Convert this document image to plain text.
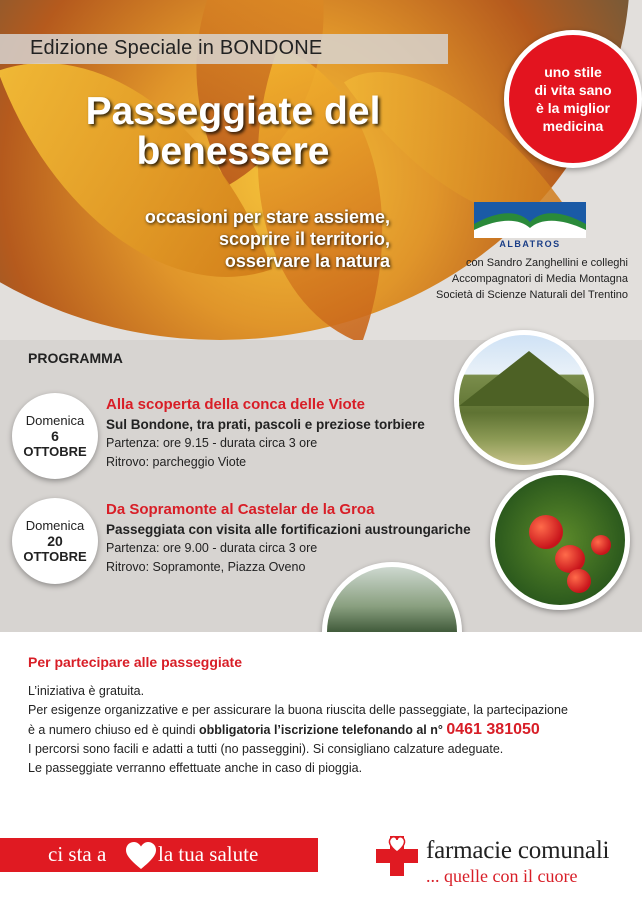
Edizione Speciale in BONDONE
Passeggiate del
benessere
occasioni per stare assieme,
scoprire il territorio,
osservare la natura
ALBATROS
con Sandro Zanghellini e colleghi
Accompagnatori di Media Montagna
Società di Scienze Naturali del Trentino
uno stile
di vita sano
è la miglior
medicina
PROGRAMMA
Domenica
6
OTTOBRE
Alla scoperta della conca delle Viote
Sul Bondone, tra prati, pascoli e preziose torbiere
Partenza: ore 9.15 - durata circa 3 ore
Ritrovo: parcheggio Viote
Domenica
20
OTTOBRE
Da Sopramonte al Castelar de la Groa
Passeggiata con visita alle fortificazioni austroungariche
Partenza: ore 9.00 - durata circa 3 ore
Ritrovo: Sopramonte, Piazza Oveno
Per partecipare alle passeggiate

L’iniziativa è gratuita.

Per esigenze organizzative e per assicurare la buona riuscita delle passeggiate, la partecipazione

è a numero chiuso ed è quindi obbligatoria l’iscrizione telefonando al n° 0461 381050

I percorsi sono facili e adatti a tutti (no passeggini). Si consigliano calzature adeguate.

Le passeggiate verranno effettuate anche in caso di pioggia.

ci sta a la tua salute	farmacie comunali
... quelle con il cuore
